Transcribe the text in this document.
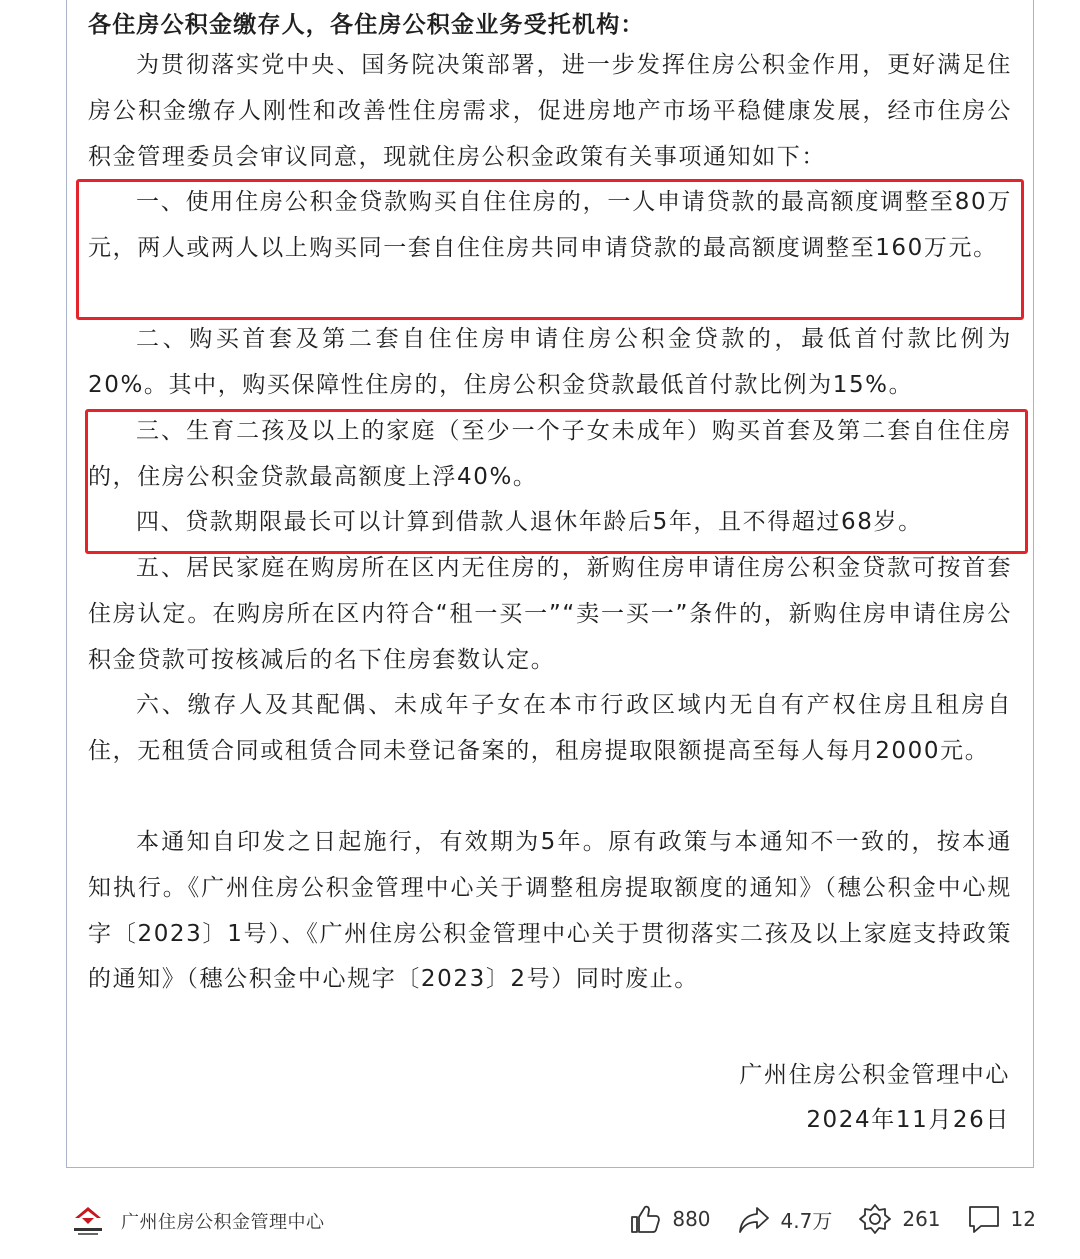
各住房公积金缴存人，各住房公积金业务受托机构：

为贯彻落实党中央、国务院决策部署，进一步发挥住房公积金作用，更好满足住房公积金缴存人刚性和改善性住房需求，促进房地产市场平稳健康发展，经市住房公积金管理委员会审议同意，现就住房公积金政策有关事项通知如下：

一、使用住房公积金贷款购买自住住房的，一人申请贷款的最高额度调整至80万元，两人或两人以上购买同一套自住住房共同申请贷款的最高额度调整至160万元。

二、购买首套及第二套自住住房申请住房公积金贷款的，最低首付款比例为20%。其中，购买保障性住房的，住房公积金贷款最低首付款比例为15%。

三、生育二孩及以上的家庭（至少一个子女未成年）购买首套及第二套自住住房的，住房公积金贷款最高额度上浮40%。

四、贷款期限最长可以计算到借款人退休年龄后5年，且不得超过68岁。

五、居民家庭在购房所在区内无住房的，新购住房申请住房公积金贷款可按首套住房认定。在购房所在区内符合“租一买一”“卖一买一”条件的，新购住房申请住房公积金贷款可按核减后的名下住房套数认定。

六、缴存人及其配偶、未成年子女在本市行政区域内无自有产权住房且租房自住，无租赁合同或租赁合同未登记备案的，租房提取限额提高至每人每月2000元。

本通知自印发之日起施行，有效期为5年。原有政策与本通知不一致的，按本通知执行。《广州住房公积金管理中心关于调整租房提取额度的通知》（穗公积金中心规字〔2023〕1号）、《广州住房公积金管理中心关于贯彻落实二孩及以上家庭支持政策的通知》（穗公积金中心规字〔2023〕2号）同时废止。

广州住房公积金管理中心
2024年11月26日
广州住房公积金管理中心	880	4.7万	261	12
